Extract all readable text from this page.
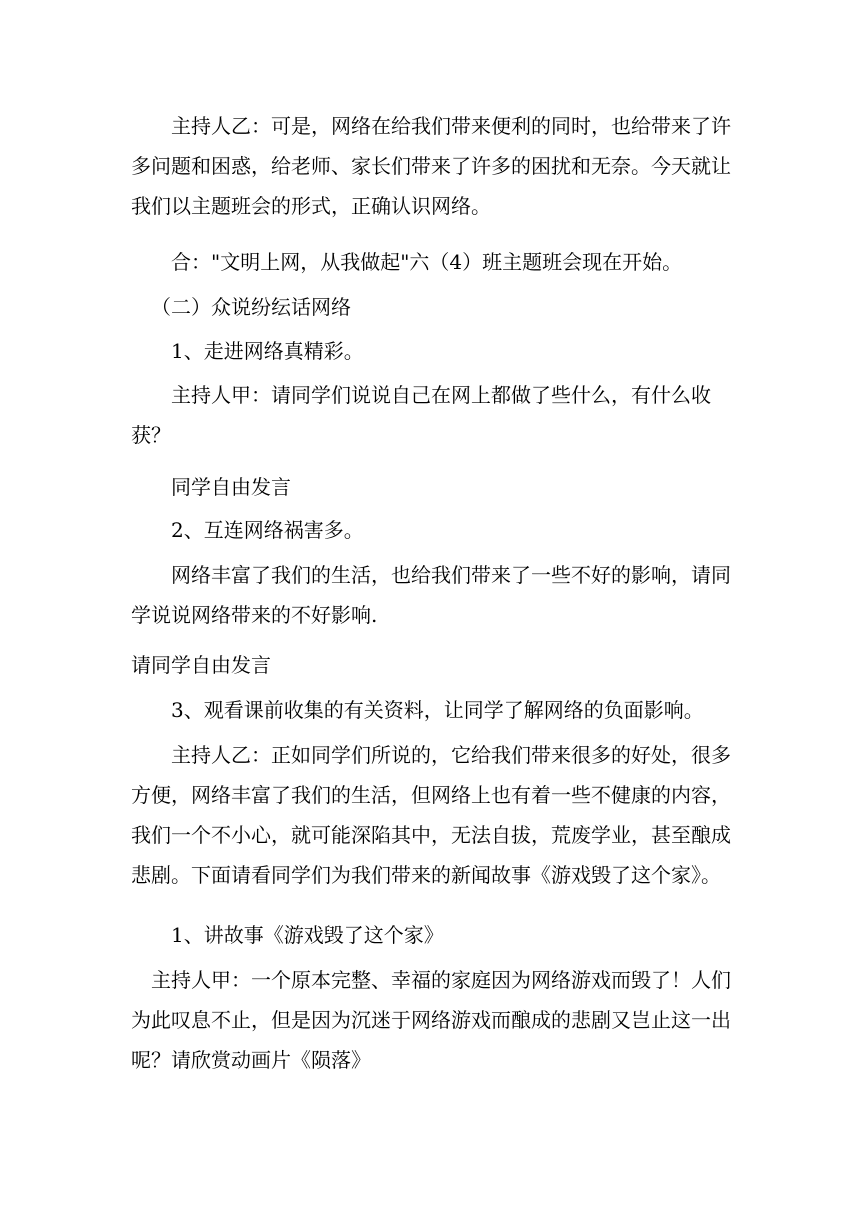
主持人乙：可是，网络在给我们带来便利的同时，也给带来了许多问题和困惑，给老师、家长们带来了许多的困扰和无奈。今天就让我们以主题班会的形式，正确认识网络。

合："文明上网，从我做起"六（4）班主题班会现在开始。

（二）众说纷纭话网络

1、走进网络真精彩。

主持人甲：请同学们说说自己在网上都做了些什么，有什么收获？

同学自由发言

2、互连网络祸害多。

网络丰富了我们的生活，也给我们带来了一些不好的影响，请同学说说网络带来的不好影响.

请同学自由发言

3、观看课前收集的有关资料，让同学了解网络的负面影响。

主持人乙：正如同学们所说的，它给我们带来很多的好处，很多方便，网络丰富了我们的生活，但网络上也有着一些不健康的内容，我们一个不小心，就可能深陷其中，无法自拔，荒废学业，甚至酿成悲剧。下面请看同学们为我们带来的新闻故事《游戏毁了这个家》。

1、讲故事《游戏毁了这个家》

主持人甲：一个原本完整、幸福的家庭因为网络游戏而毁了！人们为此叹息不止，但是因为沉迷于网络游戏而酿成的悲剧又岂止这一出呢？请欣赏动画片《陨落》
